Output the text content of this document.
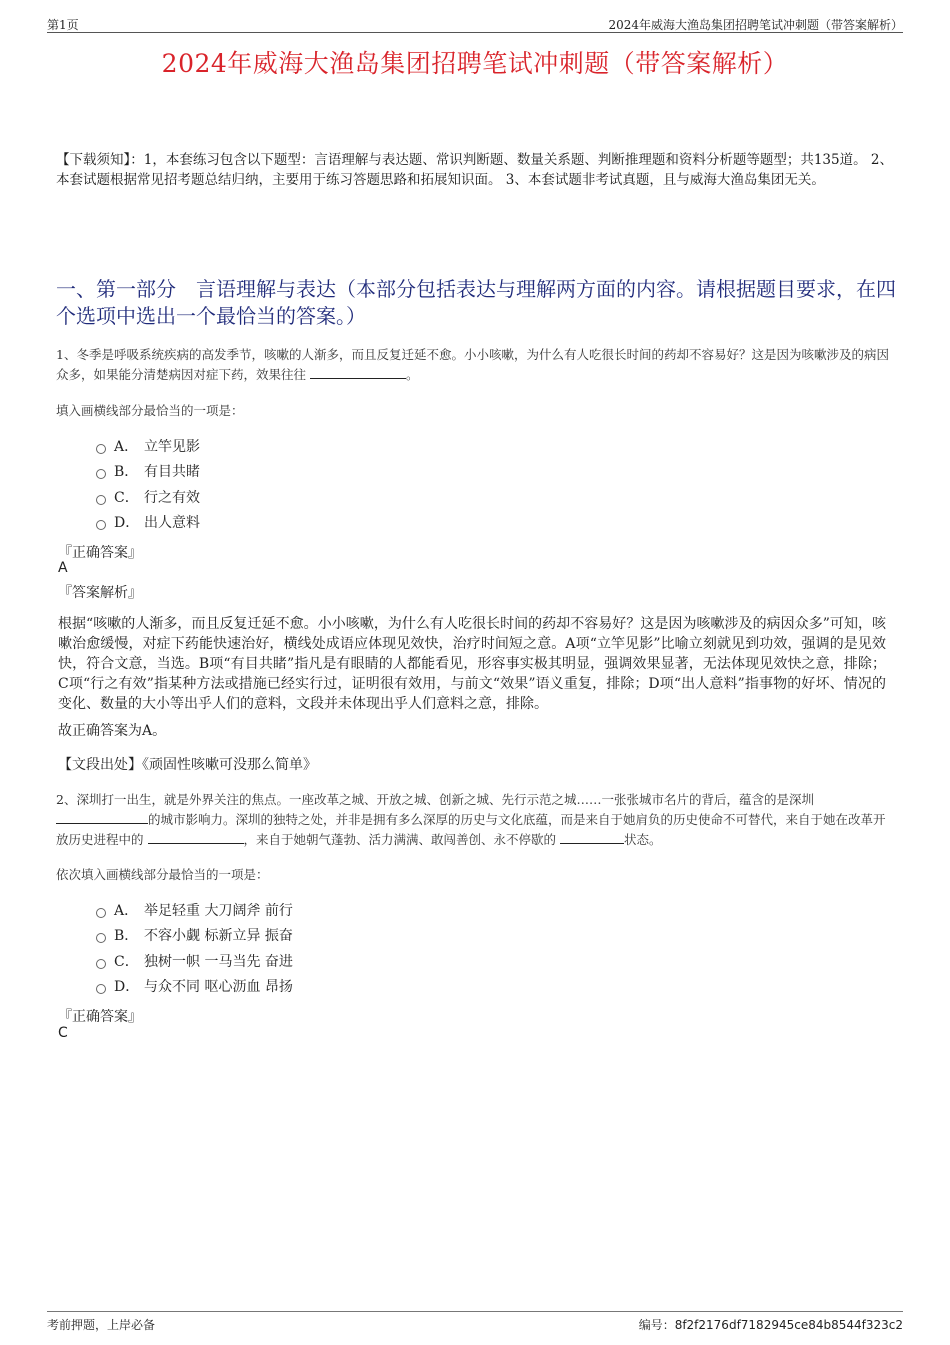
第1页	2024年威海大渔岛集团招聘笔试冲刺题（带答案解析）
2024年威海大渔岛集团招聘笔试冲刺题（带答案解析）
【下载须知】：1，本套练习包含以下题型：言语理解与表达题、常识判断题、数量关系题、判断推理题和资料分析题等题型；共135道。 2、本套试题根据常见招考题总结归纳，主要用于练习答题思路和拓展知识面。 3、本套试题非考试真题，且与威海大渔岛集团无关。
一、第一部分　言语理解与表达（本部分包括表达与理解两方面的内容。请根据题目要求，在四个选项中选出一个最恰当的答案。）
1、冬季是呼吸系统疾病的高发季节，咳嗽的人渐多，而且反复迁延不愈。小小咳嗽，为什么有人吃很长时间的药却不容易好？这是因为咳嗽涉及的病因众多，如果能分清楚病因对症下药，效果往往	。
填入画横线部分最恰当的一项是：
A． 立竿见影
B． 有目共睹
C． 行之有效
D． 出人意料
『正确答案』
A
『答案解析』
根据“咳嗽的人渐多，而且反复迁延不愈。小小咳嗽，为什么有人吃很长时间的药却不容易好？这是因为咳嗽涉及的病因众多”可知，咳嗽治愈缓慢，对症下药能快速治好，横线处成语应体现见效快，治疗时间短之意。A项“立竿见影”比喻立刻就见到功效，强调的是见效快，符合文意，当选。B项“有目共睹”指凡是有眼睛的人都能看见，形容事实极其明显，强调效果显著，无法体现见效快之意，排除；C项“行之有效”指某种方法或措施已经实行过，证明很有效用，与前文“效果”语义重复，排除；D项“出人意料”指事物的好坏、情况的变化、数量的大小等出乎人们的意料，文段并未体现出乎人们意料之意，排除。
故正确答案为A。
【文段出处】《顽固性咳嗽可没那么简单》
2、深圳打一出生，就是外界关注的焦点。一座改革之城、开放之城、创新之城、先行示范之城……一张张城市名片的背后，蕴含的是深圳的城市影响力。深圳的独特之处，并非是拥有多么深厚的历史与文化底蕴，而是来自于她肩负的历史使命不可替代，来自于她在改革开放历史进程中的	，来自于她朝气蓬勃、活力满满、敢闯善创、永不停歇的	状态。
依次填入画横线部分最恰当的一项是：
A． 举足轻重 大刀阔斧 前行
B． 不容小觑 标新立异 振奋
C． 独树一帜 一马当先 奋进
D． 与众不同 呕心沥血 昂扬
『正确答案』
C
考前押题，上岸必备	编号：8f2f2176df7182945ce84b8544f323c2
